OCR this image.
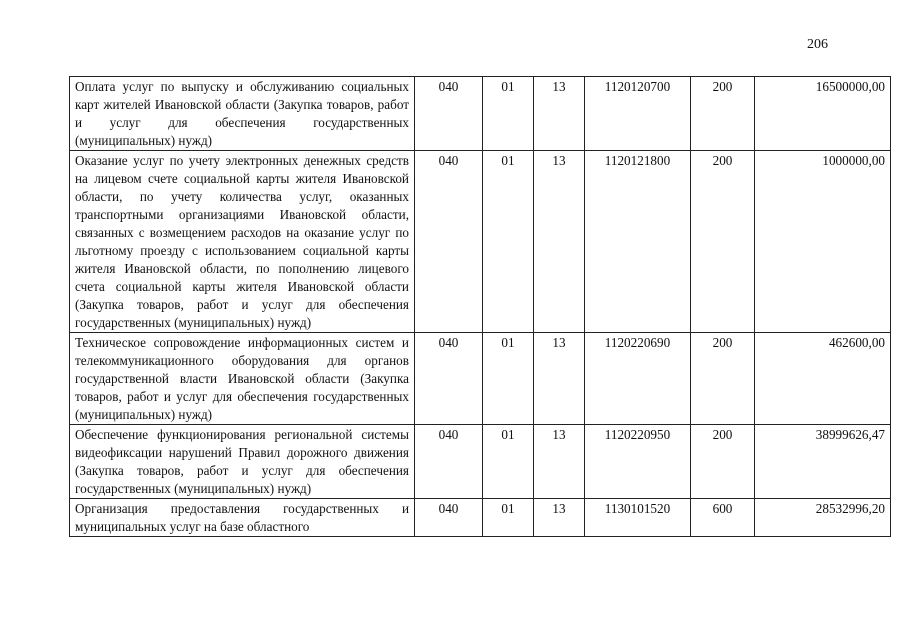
206
Оплата услуг по выпуску и обслуживанию социальных карт жителей Ивановской области (Закупка товаров, работ и услуг для обеспечения государственных (муниципальных) нужд)	040	01	13	1120120700	200	16500000,00
Оказание услуг по учету электронных денежных средств на лицевом счете социальной карты жителя Ивановской области, по учету количества услуг, оказанных транспортными организациями Ивановской области, связанных с возмещением расходов на оказание услуг по льготному проезду с использованием социальной карты жителя Ивановской области, по пополнению лицевого счета социальной карты жителя Ивановской области (Закупка товаров, работ и услуг для обеспечения государственных (муниципальных) нужд)	040	01	13	1120121800	200	1000000,00
Техническое сопровождение информационных систем и телекоммуникационного оборудования для органов государственной власти Ивановской области (Закупка товаров, работ и услуг для обеспечения государственных (муниципальных) нужд)	040	01	13	1120220690	200	462600,00
Обеспечение функционирования региональной системы видеофиксации нарушений Правил дорожного движения (Закупка товаров, работ и услуг для обеспечения государственных (муниципальных) нужд)	040	01	13	1120220950	200	38999626,47
Организация предоставления государственных и муниципальных услуг на базе областного	040	01	13	1130101520	600	28532996,20
